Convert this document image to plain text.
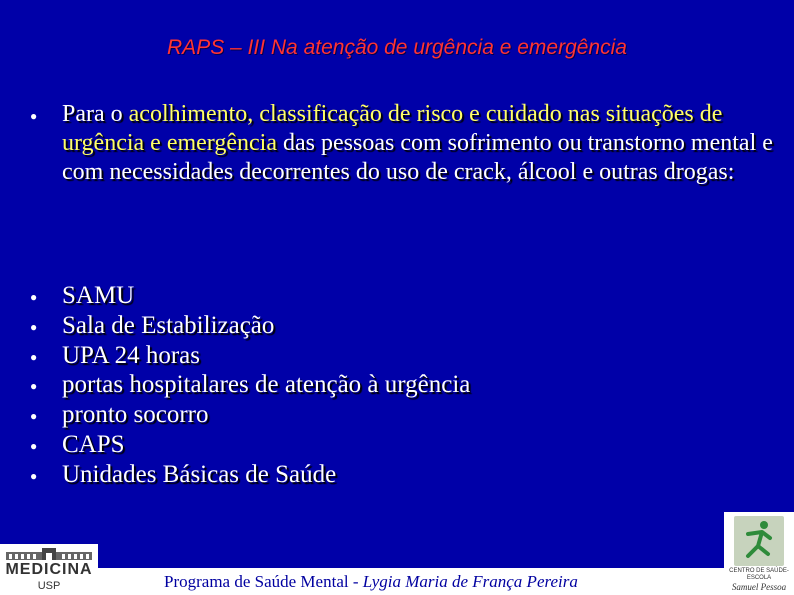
RAPS – III Na atenção de urgência e emergência
●	Para o acolhimento, classificação de risco e cuidado nas situações de urgência e emergência das pessoas com sofrimento ou transtorno mental e com necessidades decorrentes do uso de crack, álcool e outras drogas:
● SAMU
● Sala de Estabilização
● UPA 24 horas
● portas hospitalares de atenção à urgência
● pronto socorro
● CAPS
● Unidades Básicas de Saúde
MEDICINA
USP	Programa de Saúde Mental - Lygia Maria de França Pereira
CENTRO DE SAÚDE-ESCOLA
Samuel Pessoa
